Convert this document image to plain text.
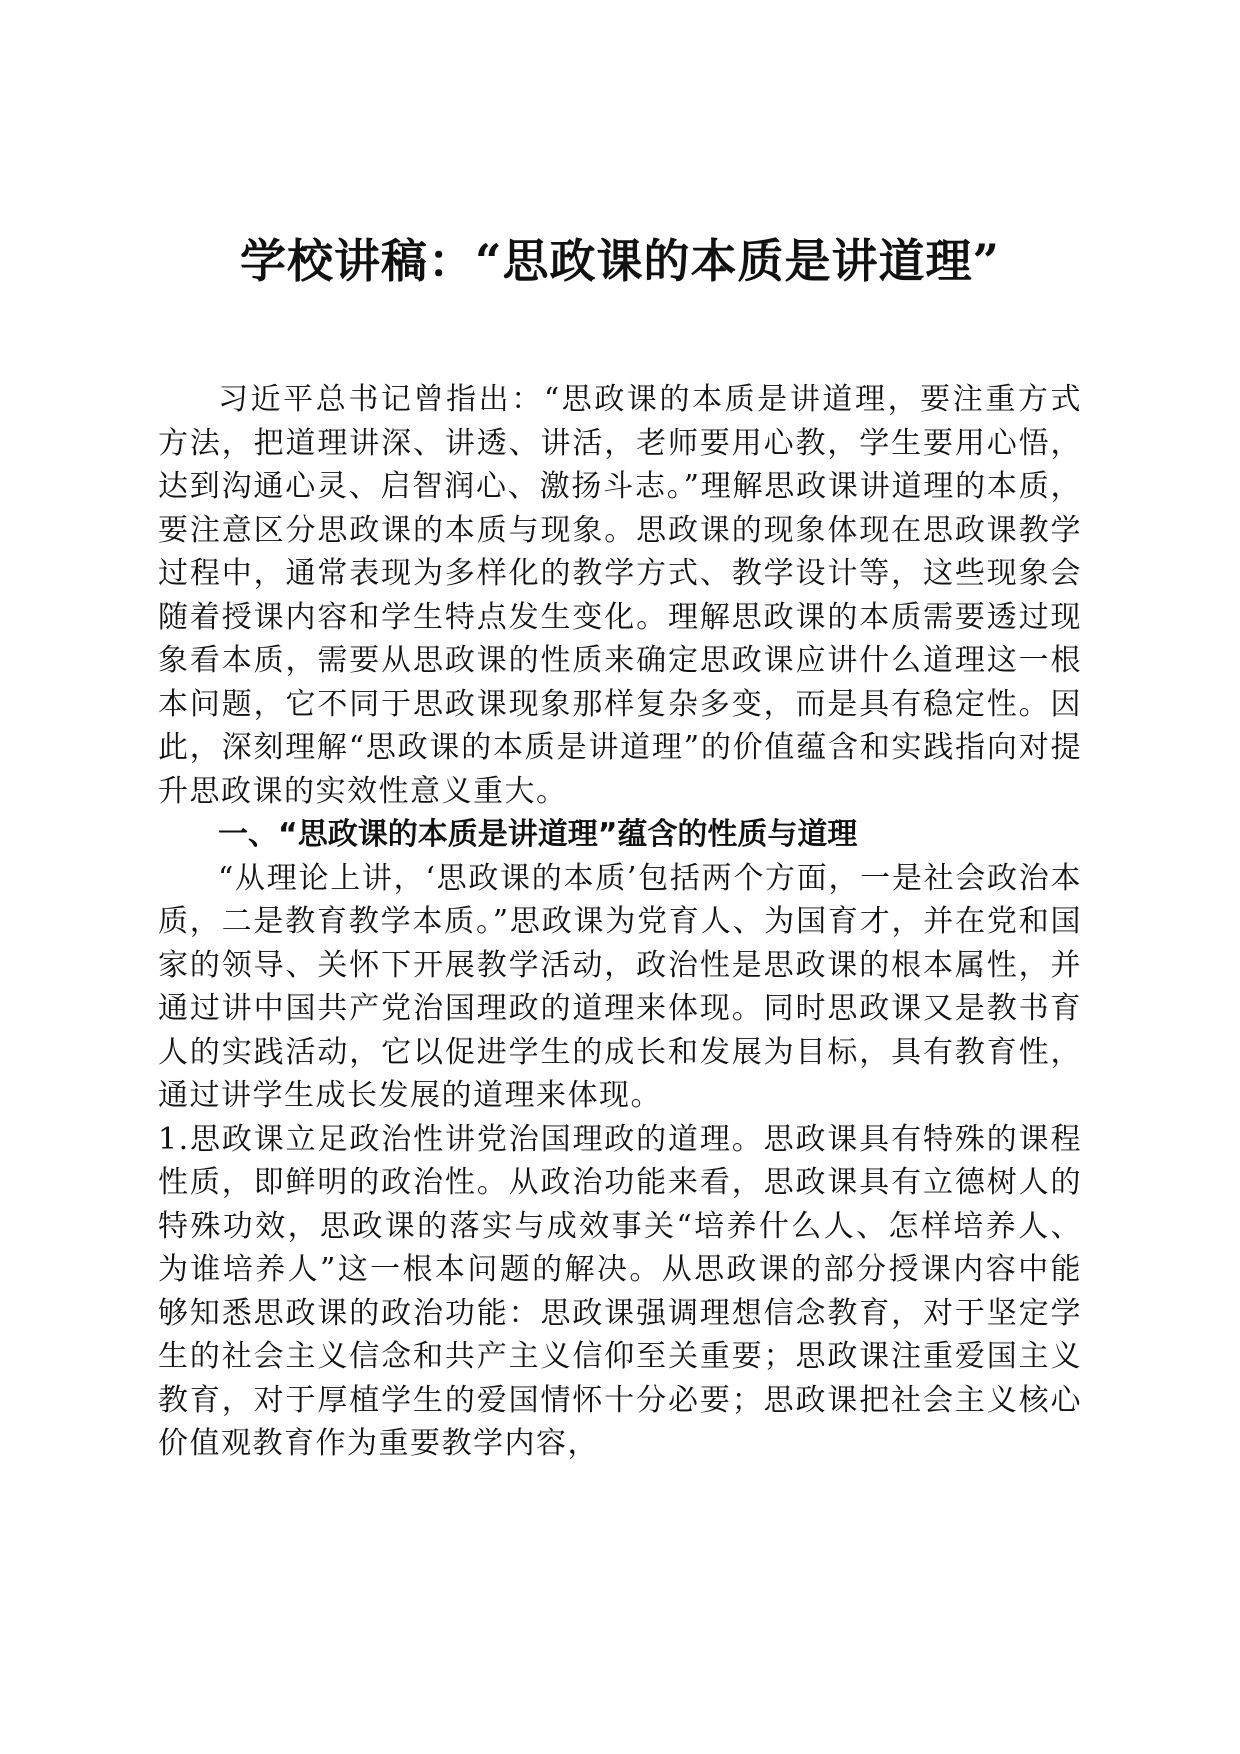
学校讲稿：“思政课的本质是讲道理”

习近平总书记曾指出：“思政课的本质是讲道理，要注重方式方法，把道理讲深、讲透、讲活，老师要用心教，学生要用心悟，达到沟通心灵、启智润心、激扬斗志。”理解思政课讲道理的本质，要注意区分思政课的本质与现象。思政课的现象体现在思政课教学过程中，通常表现为多样化的教学方式、教学设计等，这些现象会随着授课内容和学生特点发生变化。理解思政课的本质需要透过现象看本质，需要从思政课的性质来确定思政课应讲什么道理这一根本问题，它不同于思政课现象那样复杂多变，而是具有稳定性。因此，深刻理解“思政课的本质是讲道理”的价值蕴含和实践指向对提升思政课的实效性意义重大。

一、“思政课的本质是讲道理”蕴含的性质与道理

“从理论上讲，‘思政课的本质’包括两个方面，一是社会政治本质，二是教育教学本质。”思政课为党育人、为国育才，并在党和国家的领导、关怀下开展教学活动，政治性是思政课的根本属性，并通过讲中国共产党治国理政的道理来体现。同时思政课又是教书育人的实践活动，它以促进学生的成长和发展为目标，具有教育性，通过讲学生成长发展的道理来体现。

1.思政课立足政治性讲党治国理政的道理。思政课具有特殊的课程性质，即鲜明的政治性。从政治功能来看，思政课具有立德树人的特殊功效，思政课的落实与成效事关“培养什么人、怎样培养人、为谁培养人”这一根本问题的解决。从思政课的部分授课内容中能够知悉思政课的政治功能：思政课强调理想信念教育，对于坚定学生的社会主义信念和共产主义信仰至关重要；思政课注重爱国主义教育，对于厚植学生的爱国情怀十分必要；思政课把社会主义核心价值观教育作为重要教学内容，
